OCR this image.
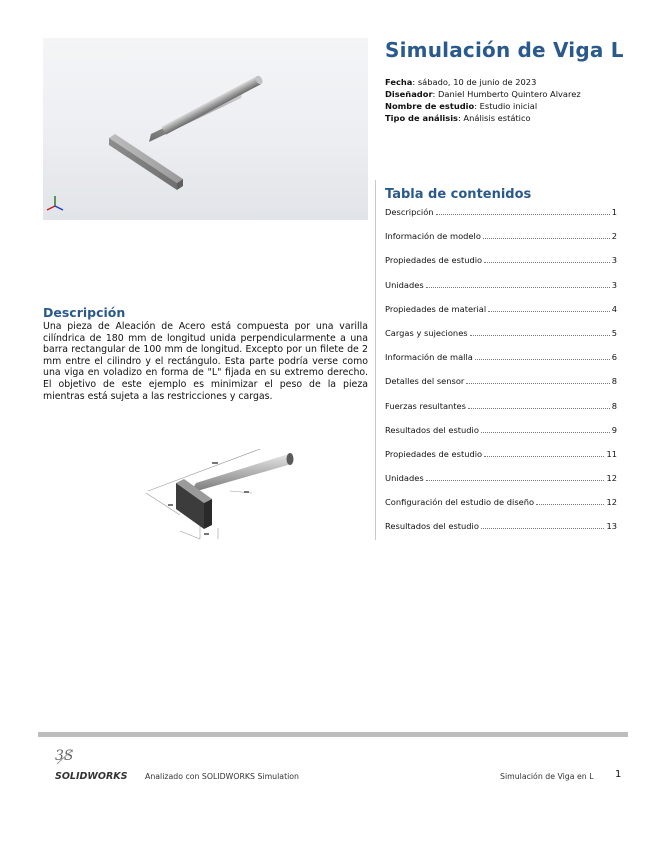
Simulación de Viga L
Fecha: sábado, 10 de junio de 2023
Diseñador: Daniel Humberto Quintero Alvarez
Nombre de estudio: Estudio inicial
Tipo de análisis: Análisis estático
Tabla de contenidos
Descripción	1
Información de modelo	2
Propiedades de estudio	3
Unidades	3
Propiedades de material	4
Cargas y sujeciones	5
Información de malla	6
Detalles del sensor	8
Fuerzas resultantes	8
Resultados del estudio	9
Propiedades de estudio	11
Unidades	12
Configuración del estudio de diseño	12
Resultados del estudio	13
Descripción
Una pieza de Aleación de Acero está compuesta por una varilla cilíndrica de 180 mm de longitud unida perpendicularmente a una barra rectangular de 100 mm de longitud. Excepto por un filete de 2 mm entre el cilindro y el rectángulo. Esta parte podría verse como una viga en voladizo en forma de "L" fijada en su extremo derecho. El objetivo de este ejemplo es minimizar el peso de la pieza mientras está sujeta a las restricciones y cargas.
3S
SOLIDWORKS Analizado con SOLIDWORKS Simulation	Simulación de Viga en L 1
